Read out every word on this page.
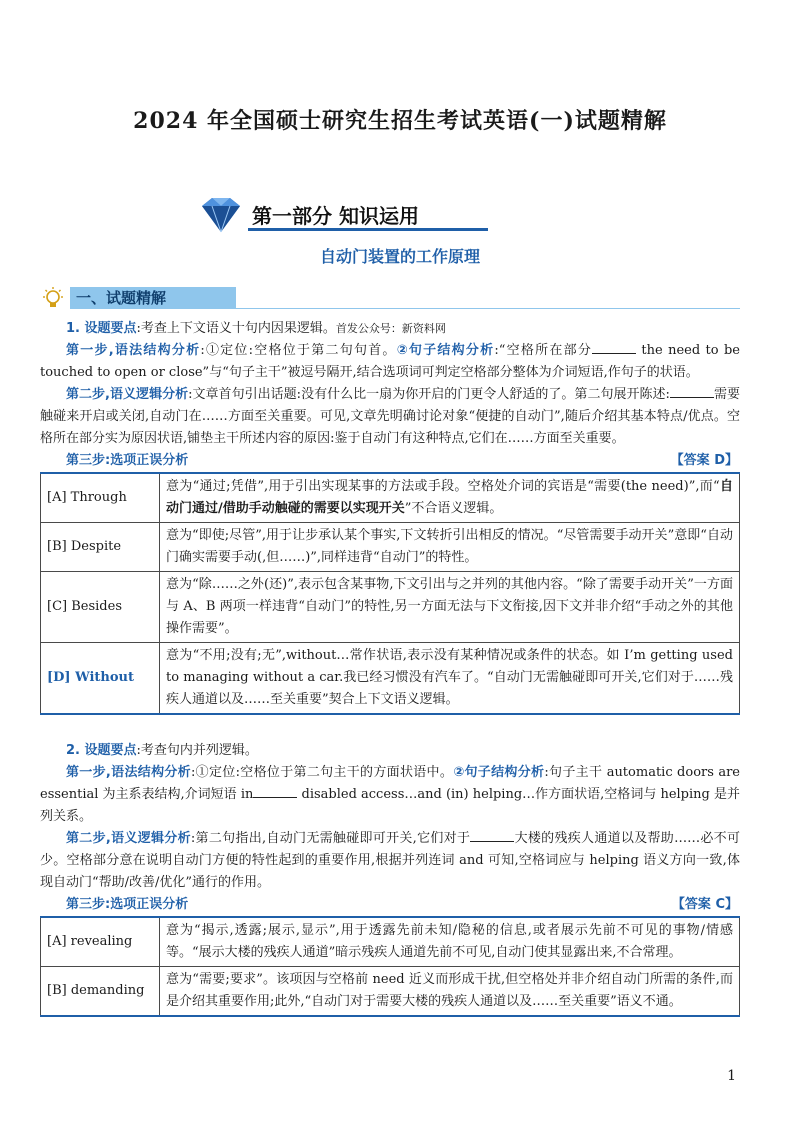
2024 年全国硕士研究生招生考试英语(一)试题精解
第一部分 知识运用
自动门装置的工作原理
一、试题精解

1. 设题要点:考查上下文语义十句内因果逻辑。首发公众号：新资料网

第一步,语法结构分析:①定位:空格位于第二句句首。②句子结构分析:“空格所在部分	the need to be touched to open or close”与“句子主干”被逗号隔开,结合选项词可判定空格部分整体为介词短语,作句子的状语。

第二步,语义逻辑分析:文章首句引出话题:没有什么比一扇为你开启的门更令人舒适的了。第二句展开陈述:	需要触碰来开启或关闭,自动门在……方面至关重要。可见,文章先明确讨论对象“便捷的自动门”,随后介绍其基本特点/优点。空格所在部分实为原因状语,铺垫主干所述内容的原因:鉴于自动门有这种特点,它们在……方面至关重要。

第三步:选项正误分析	【答案 D】
[A] Through	意为“通过;凭借”,用于引出实现某事的方法或手段。空格处介词的宾语是“需要(the need)”,而“自动门通过/借助手动触碰的需要以实现开关”不合语义逻辑。
[B] Despite	意为“即使;尽管”,用于让步承认某个事实,下文转折引出相反的情况。“尽管需要手动开关”意即“自动门确实需要手动(,但……)”,同样违背“自动门”的特性。
[C] Besides	意为“除……之外(还)”,表示包含某事物,下文引出与之并列的其他内容。“除了需要手动开关”一方面与 A、B 两项一样违背“自动门”的特性,另一方面无法与下文衔接,因下文并非介绍“手动之外的其他操作需要”。
[D] Without	意为“不用;没有;无”,without…常作状语,表示没有某种情况或条件的状态。如 I’m getting used to managing without a car.我已经习惯没有汽车了。“自动门无需触碰即可开关,它们对于……残疾人通道以及……至关重要”契合上下文语义逻辑。

2. 设题要点:考查句内并列逻辑。

第一步,语法结构分析:①定位:空格位于第二句主干的方面状语中。②句子结构分析:句子主干 automatic doors are essential 为主系表结构,介词短语 in	disabled access…and (in) helping…作方面状语,空格词与 helping 是并列关系。

第二步,语义逻辑分析:第二句指出,自动门无需触碰即可开关,它们对于	大楼的残疾人通道以及帮助……必不可少。空格部分意在说明自动门方便的特性起到的重要作用,根据并列连词 and 可知,空格词应与 helping 语义方向一致,体现自动门“帮助/改善/优化”通行的作用。

第三步:选项正误分析	【答案 C】
[A] revealing	意为“揭示,透露;展示,显示”,用于透露先前未知/隐秘的信息,或者展示先前不可见的事物/情感等。“展示大楼的残疾人通道”暗示残疾人通道先前不可见,自动门使其显露出来,不合常理。
[B] demanding	意为“需要;要求”。该项因与空格前 need 近义而形成干扰,但空格处并非介绍自动门所需的条件,而是介绍其重要作用;此外,“自动门对于需要大楼的残疾人通道以及……至关重要”语义不通。
1
